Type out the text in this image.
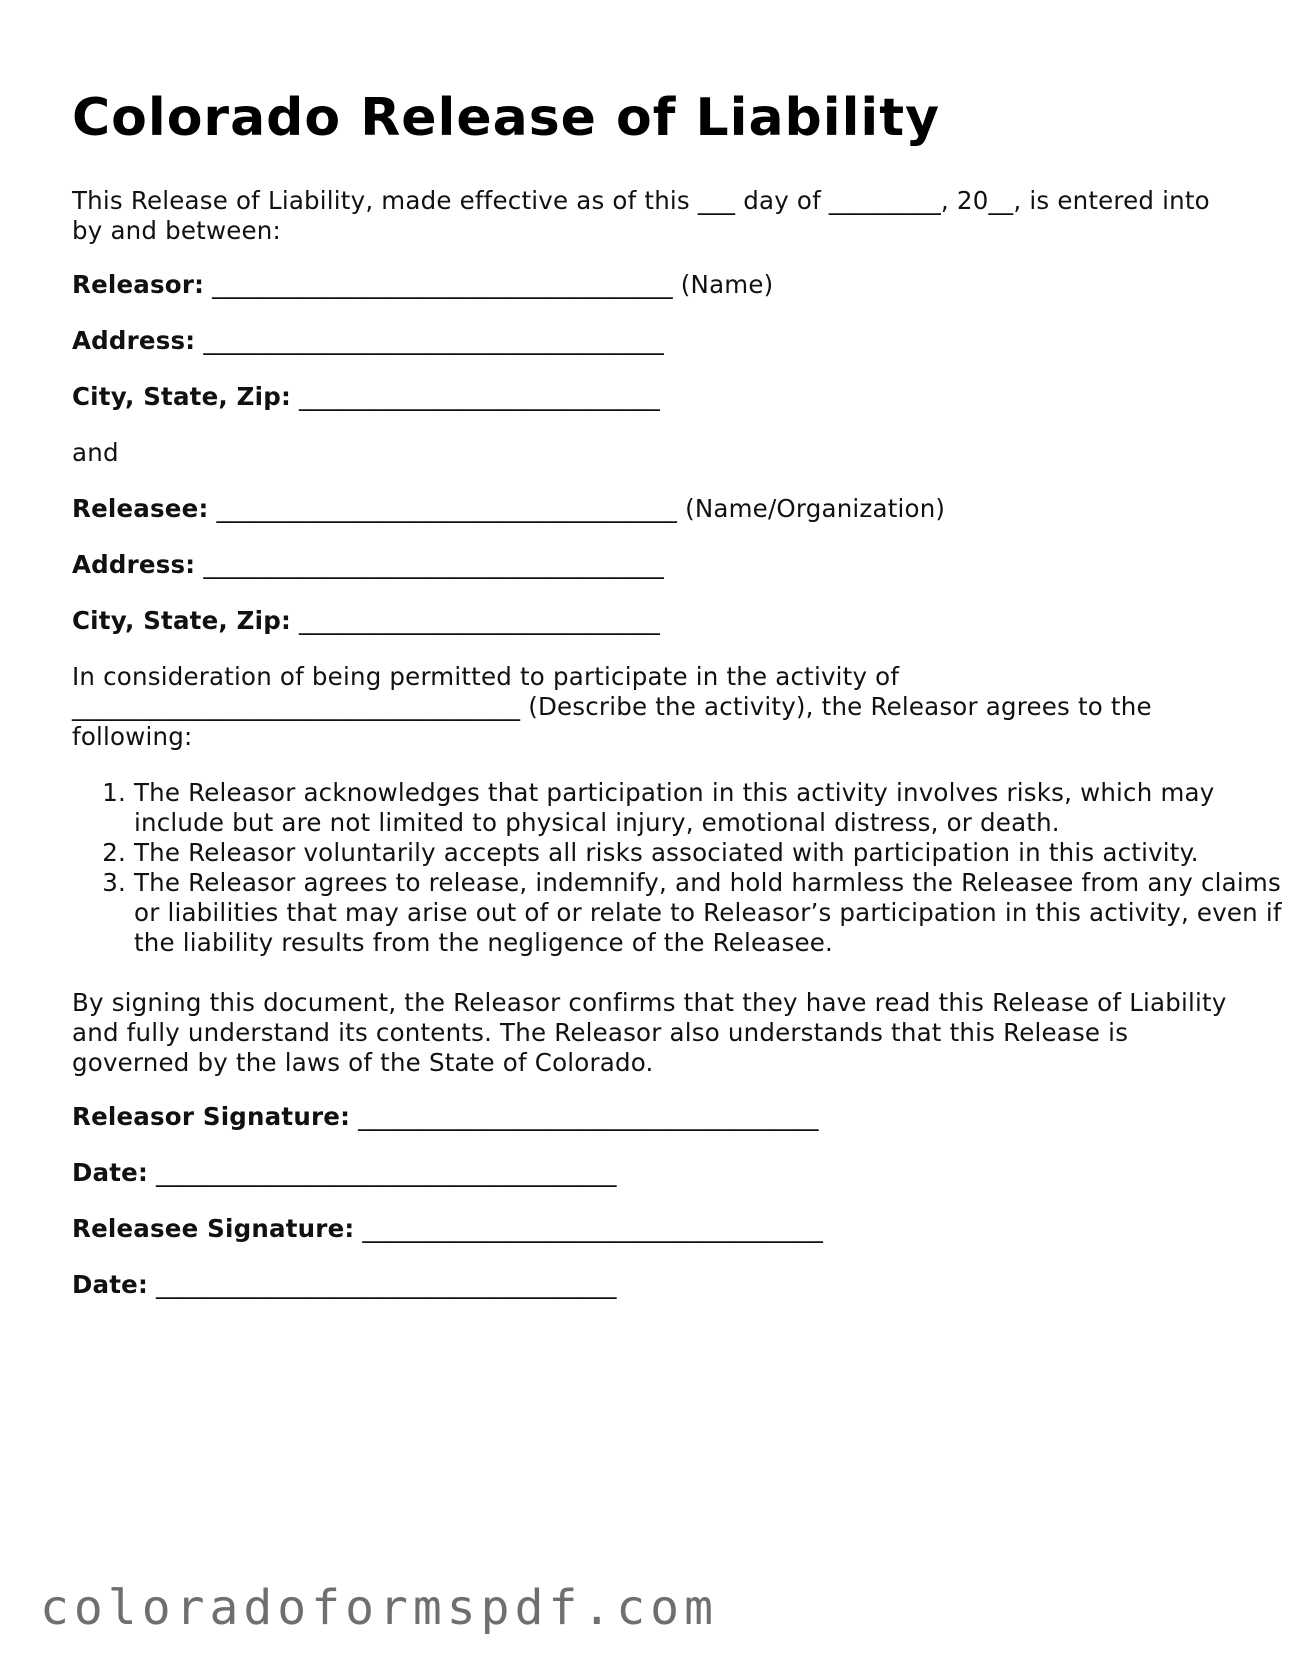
Colorado Release of Liability

This Release of Liability, made effective as of this ___ day of _________, 20__, is entered into by and between:

Releasor: _____________________________________ (Name)
Address: _____________________________________
City, State, Zip: _____________________________
and
Releasee: _____________________________________ (Name/Organization)
Address: _____________________________________
City, State, Zip: _____________________________

In consideration of being permitted to participate in the activity of ____________________________________ (Describe the activity), the Releasor agrees to the following:

1. The Releasor acknowledges that participation in this activity involves risks, which may include but are not limited to physical injury, emotional distress, or death.
2. The Releasor voluntarily accepts all risks associated with participation in this activity.
3. The Releasor agrees to release, indemnify, and hold harmless the Releasee from any claims or liabilities that may arise out of or relate to Releasor’s participation in this activity, even if the liability results from the negligence of the Releasee.

By signing this document, the Releasor confirms that they have read this Release of Liability and fully understand its contents. The Releasor also understands that this Release is governed by the laws of the State of Colorado.

Releasor Signature: _____________________________________
Date: _____________________________________
Releasee Signature: _____________________________________
Date: _____________________________________
coloradoformspdf.com
